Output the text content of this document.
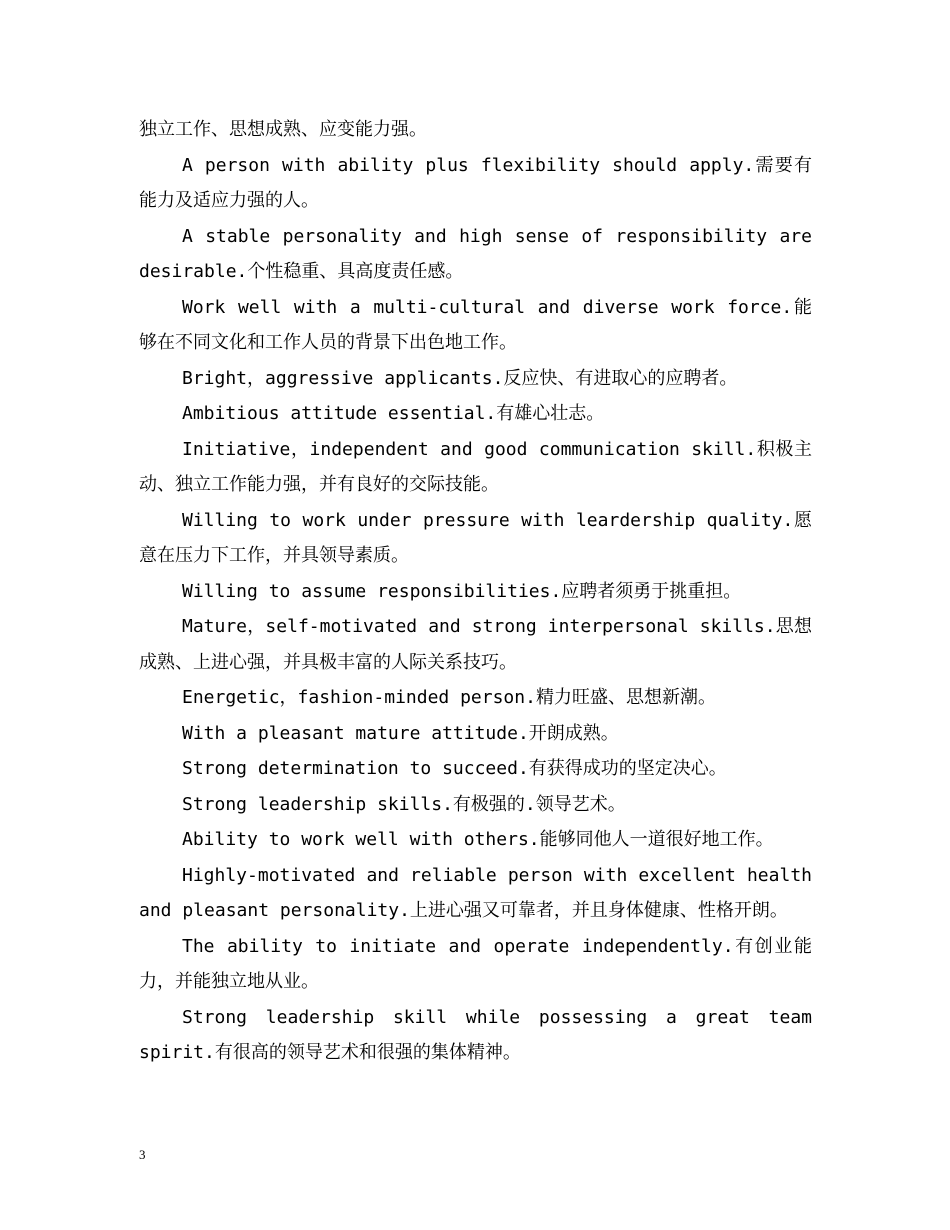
独立工作、思想成熟、应变能力强。

A person with ability plus flexibility should apply.需要有能力及适应力强的人。

A stable personality and high sense of responsibility are desirable.个性稳重、具高度责任感。

Work well with a multi-cultural and diverse work force.能够在不同文化和工作人员的背景下出色地工作。

Bright，aggressive applicants.反应快、有进取心的应聘者。

Ambitious attitude essential.有雄心壮志。

Initiative，independent and good communication skill.积极主动、独立工作能力强，并有良好的交际技能。

Willing to work under pressure with leardership quality.愿意在压力下工作，并具领导素质。

Willing to assume responsibilities.应聘者须勇于挑重担。

Mature，self-motivated and strong interpersonal skills.思想成熟、上进心强，并具极丰富的人际关系技巧。

Energetic，fashion-minded person.精力旺盛、思想新潮。

With a pleasant mature attitude.开朗成熟。

Strong determination to succeed.有获得成功的坚定决心。

Strong leadership skills.有极强的.领导艺术。

Ability to work well with others.能够同他人一道很好地工作。

Highly-motivated and reliable person with excellent health and pleasant personality.上进心强又可靠者，并且身体健康、性格开朗。

The ability to initiate and operate independently.有创业能力，并能独立地从业。

Strong leadership skill while possessing a great team spirit.有很高的领导艺术和很强的集体精神。

3
